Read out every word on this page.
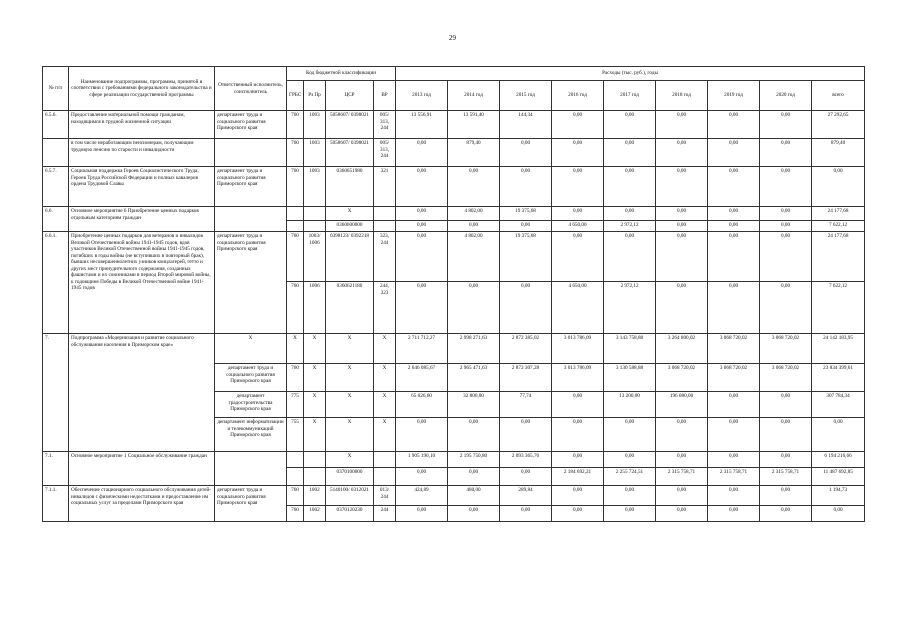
29
№ п/п	Наименование подпрограммы, программы, принятой в соответствии с требованиями федерального законодательства и сфере реализации государственной программы	Ответственный исполнитель, соисполнитель	Код бюджетной классификации				Расходы (тыс. руб.), годы								
			ГРБС	Рз Пр	ЦСР	ВР	2013 год	2014 год	2015 год	2016 год	2017 год	2018 год	2019 год	2020 год	всего
6.5.6.	Предоставление материальной помощи гражданам, находящимся в трудной жизненной ситуации	департамент труда и социального развития Приморского края	760	1003	5058607/ 0398021	005/ 313, 244	13 556,91	13 591,40	144,34	0,00	0,00	0,00	0,00	0,00	27 292,65
	в том числе неработающим пенсионерам, получающим трудовую пенсию по старости и инвалидности		760	1003	5058607/ 0398021	005/ 313, 244	0,00	879,40	0,00	0,00	0,00	0,00	0,00	0,00	879,40
6.5.7.	Социальная поддержка Героев Социалистического Труда, Героев Труда Российской Федерации и полных кавалеров ордена Трудовой Славы	департамент труда и социального развития Приморского края	760	1003	0360651980	321	0,00	0,00	0,00	0,00	0,00	0,00	0,00	0,00	0,00
6.6.	Основное мероприятие 6 Приобретение ценных подарков отдельным категориям граждан				X		0,00	4 802,00	19 375,68	0,00	0,00	0,00	0,00	0,00	24 177,68
					0360600000		0,00	0,00	0,00	4 650,00	2 972,12	0,00	0,00	0,00	7 622,12
6.6.1.	Приобретение ценных подарков для ветеранов и инвалидов Великой Отечественной войны 1941-1945 годов, вдов участников Великой Отечественной войны 1941-1945 годов, погибших в годы войны (не вступивших в повторный брак), бывших несовершеннолетних узников концлагерей, гетто и других мест принудительного содержания, созданных фашистами и их союзниками в период Второй мировой войны, к годовщине Победы в Великой Отечественной войне 1941-1945 годов	департамент труда и социального развития Приморского края	760	1003/ 1006	0398123/ 0392218	323, 244	0,00	4 802,00	19 375,68	0,00	0,00	0,00	0,00	0,00	24 177,68
			760	1006	0360621180	244, 323	0,00	0,00	0,00	4 650,00	2 972,12	0,00	0,00	0,00	7 622,12
7.	Подпрограмма «Модернизация и развитие социального обслуживания населения в Приморском крае»	X	X	X	X	X	2 711 712,27	2 998 271,63	2 872 385,02	3 013 786,09	3 143 758,88	3 264 800,02	3 068 720,02	3 068 720,02	24 142 183,95
		департамент труда и социального развития Приморского края	760	X	X	X	2 646 085,67	2 965 471,63	2 872 307,28	3 013 786,09	3 130 588,88	3 068 720,02	3 068 720,02	3 068 720,02	23 834 399,61
		департамент градостроительства Приморского края	775	X	X	X	65 626,60	32 800,00	77,74	0,00	13 200,00	196 080,00	0,00	0,00	307 784,34
		департамент информатизации и телекоммуникаций Приморского края	755	X	X	X	0,00	0,00	0,00	0,00	0,00	0,00	0,00	0,00	0,00
7.1.	Основное мероприятие 1 Социальное обслуживание граждан				X		1 905 190,10	2 195 750,80	2 093 365,76	0,00	0,00	0,00	0,00	0,00	6 194 216,66
					0370100000		0,00	0,00	0,00	2 184 692,21	2 255 724,51	2 315 758,71	2 315 758,71	2 315 758,71	11 487 692,85
7.1.1.	Обеспечение стационарного социального обслуживания детей-инвалидов с физическими недостатками и предоставление им социальных услуг за пределами Приморского края	департамент труда и социального развития Приморского края	760	1002	5140100/ 0312021	013/ 244	424,89	480,00	289,84	0,00	0,00	0,00	0,00	0,00	1 194,73
			760	1002	0370120230	244	0,00	0,00	0,00	0,00	0,00	0,00	0,00	0,00	0,00
